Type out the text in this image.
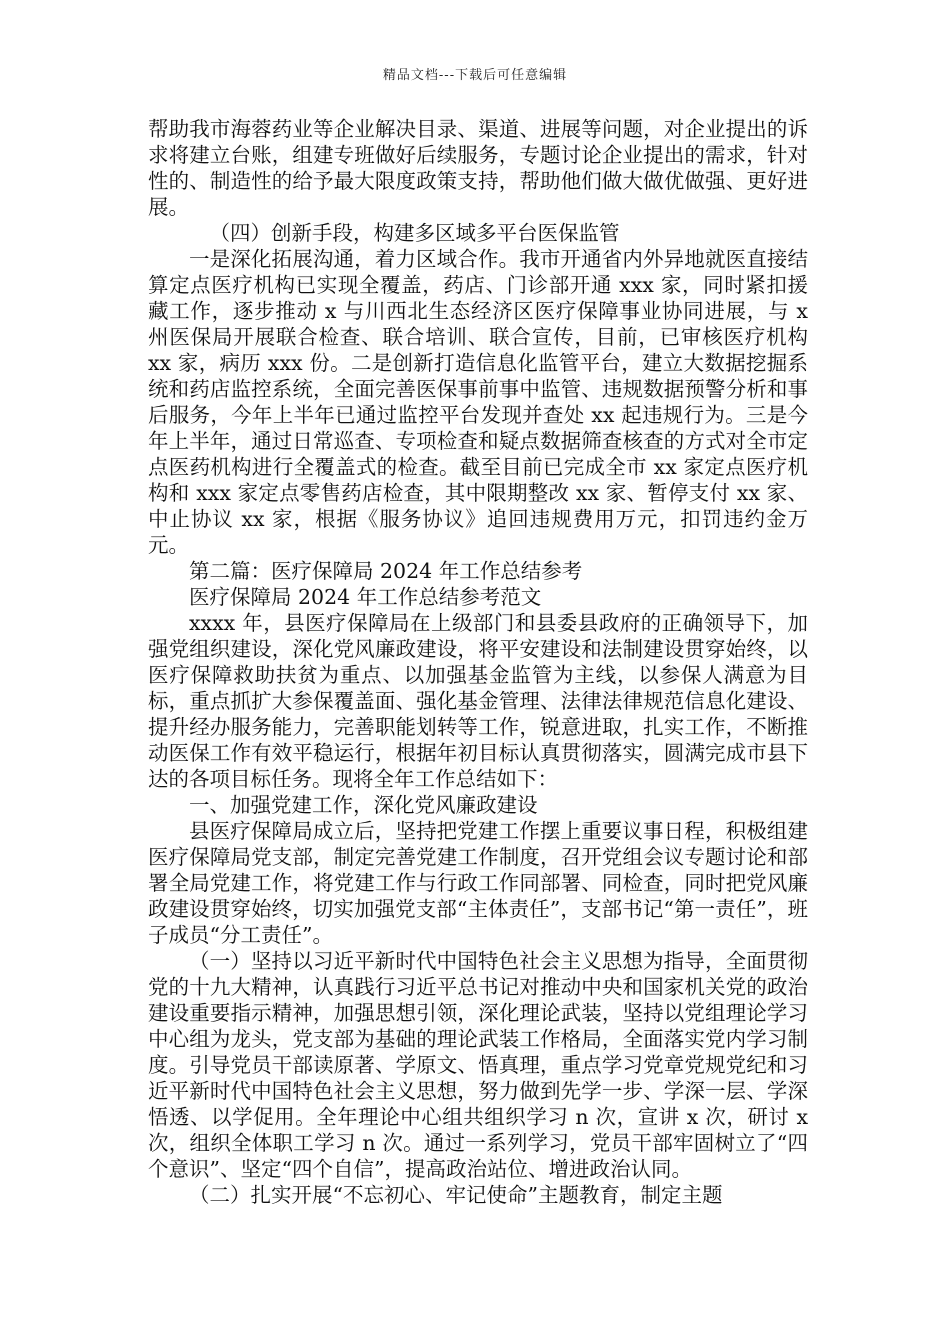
精品文档---下载后可任意编辑

帮助我市海蓉药业等企业解决目录、渠道、进展等问题，对企业提出的诉求将建立台账，组建专班做好后续服务，专题讨论企业提出的需求，针对性的、制造性的给予最大限度政策支持，帮助他们做大做优做强、更好进展。

（四）创新手段，构建多区域多平台医保监管

一是深化拓展沟通，着力区域合作。我市开通省内外异地就医直接结算定点医疗机构已实现全覆盖，药店、门诊部开通 xxx 家，同时紧扣援藏工作，逐步推动 x 与川西北生态经济区医疗保障事业协同进展，与 x 州医保局开展联合检查、联合培训、联合宣传，目前，已审核医疗机构 xx 家，病历 xxx 份。二是创新打造信息化监管平台，建立大数据挖掘系统和药店监控系统，全面完善医保事前事中监管、违规数据预警分析和事后服务，今年上半年已通过监控平台发现并查处 xx 起违规行为。三是今年上半年，通过日常巡查、专项检查和疑点数据筛查核查的方式对全市定点医药机构进行全覆盖式的检查。截至目前已完成全市 xx 家定点医疗机构和 xxx 家定点零售药店检查，其中限期整改 xx 家、暂停支付 xx 家、中止协议 xx 家，根据《服务协议》追回违规费用万元，扣罚违约金万元。

第二篇：医疗保障局 2024 年工作总结参考

医疗保障局 2024 年工作总结参考范文

xxxx 年，县医疗保障局在上级部门和县委县政府的正确领导下，加强党组织建设，深化党风廉政建设，将平安建设和法制建设贯穿始终，以医疗保障救助扶贫为重点、以加强基金监管为主线，以参保人满意为目标，重点抓扩大参保覆盖面、强化基金管理、法律法律规范信息化建设、提升经办服务能力，完善职能划转等工作，锐意进取，扎实工作，不断推动医保工作有效平稳运行，根据年初目标认真贯彻落实，圆满完成市县下达的各项目标任务。现将全年工作总结如下：

一、加强党建工作，深化党风廉政建设

县医疗保障局成立后，坚持把党建工作摆上重要议事日程，积极组建医疗保障局党支部，制定完善党建工作制度，召开党组会议专题讨论和部署全局党建工作，将党建工作与行政工作同部署、同检查，同时把党风廉政建设贯穿始终，切实加强党支部“主体责任”，支部书记“第一责任”，班子成员“分工责任”。

（一）坚持以习近平新时代中国特色社会主义思想为指导，全面贯彻党的十九大精神，认真践行习近平总书记对推动中央和国家机关党的政治建设重要指示精神，加强思想引领，深化理论武装，坚持以党组理论学习中心组为龙头，党支部为基础的理论武装工作格局，全面落实党内学习制度。引导党员干部读原著、学原文、悟真理，重点学习党章党规党纪和习近平新时代中国特色社会主义思想，努力做到先学一步、学深一层、学深悟透、以学促用。全年理论中心组共组织学习 n 次，宣讲 x 次，研讨 x 次，组织全体职工学习 n 次。通过一系列学习，党员干部牢固树立了“四个意识”、坚定“四个自信”，提高政治站位、增进政治认同。

（二）扎实开展“不忘初心、牢记使命”主题教育，制定主题
